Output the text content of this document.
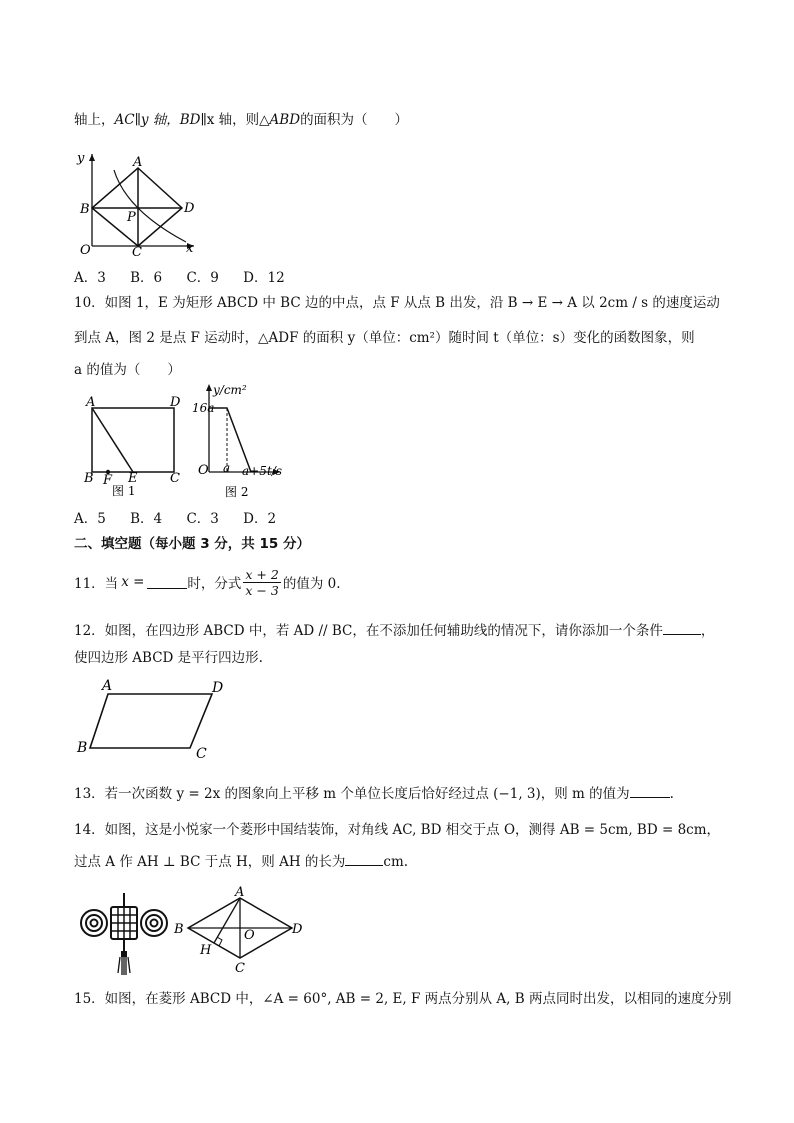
轴上，AC∥y 轴，BD∥x 轴，则△ABD的面积为（　　）
y
x
O
A
B
C
D
P
A．3 B．6 C．9 D．12
10．如图 1，E 为矩形 ABCD 中 BC 边的中点，点 F 从点 B 出发，沿 B → E → A 以 2cm / s 的速度运动
到点 A，图 2 是点 F 运动时，△ADF 的面积 y（单位：cm²）随时间 t（单位：s）变化的函数图象，则
a 的值为（　　）
A	D
B F E	C
图 1
y/cm²
16a
O a a+5 t/s
图 2
A．5 B．4 C．3 D．2
二、填空题（每小题 3 分，共 15 分）
11．当 x =	时，分式 $\frac{x + 2}{x - 3}$ 的值为 0.
12．如图，在四边形 ABCD 中，若 AD // BC，在不添加任何辅助线的情况下，请你添加一个条件	，
使四边形 ABCD 是平行四边形.
A	D
B	C
13．若一次函数 y = 2x 的图象向上平移 m 个单位长度后恰好经过点 (−1, 3)，则 m 的值为	.
14．如图，这是小悦家一个菱形中国结装饰，对角线 AC, BD 相交于点 O，测得 AB = 5cm, BD = 8cm，
过点 A 作 AH ⊥ BC 于点 H，则 AH 的长为	cm.
A
B
C
D
O
H
15．如图，在菱形 ABCD 中，∠A = 60°, AB = 2, E, F 两点分别从 A, B 两点同时出发，以相同的速度分别
